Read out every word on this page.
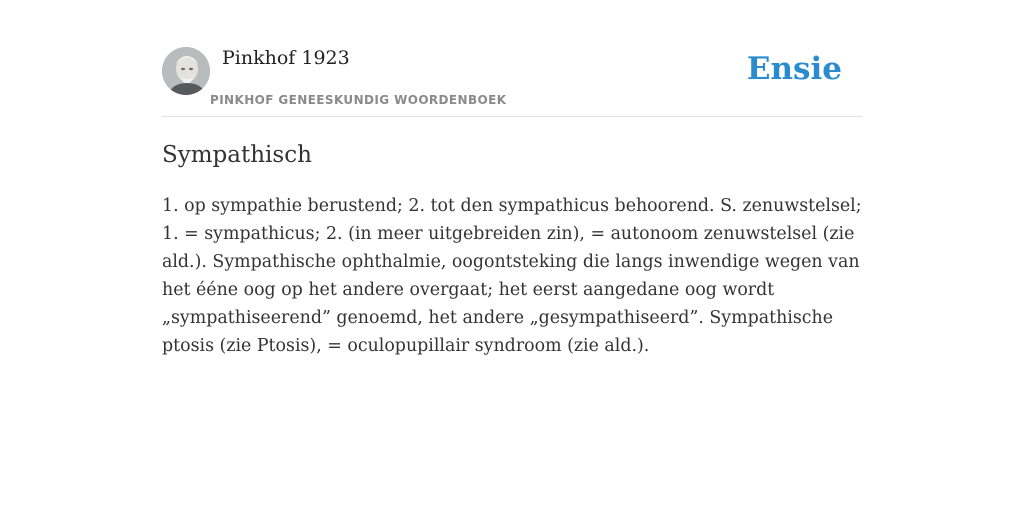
Pinkhof 1923
PINKHOF GENEESKUNDIG WOORDENBOEK
Ensie
Sympathisch

1. op sympathie berustend; 2. tot den sympathicus behoorend. S. zenuwstelsel; 1. = sympathicus; 2. (in meer uitgebreiden zin), = autonoom zenuwstelsel (zie ald.). Sympathische ophthalmie, oogontsteking die langs inwendige wegen van het ééne oog op het andere overgaat; het eerst aangedane oog wordt „sympathiseerend” genoemd, het andere „gesympathiseerd”. Sympathische ptosis (zie Ptosis), = oculopupillair syndroom (zie ald.).
